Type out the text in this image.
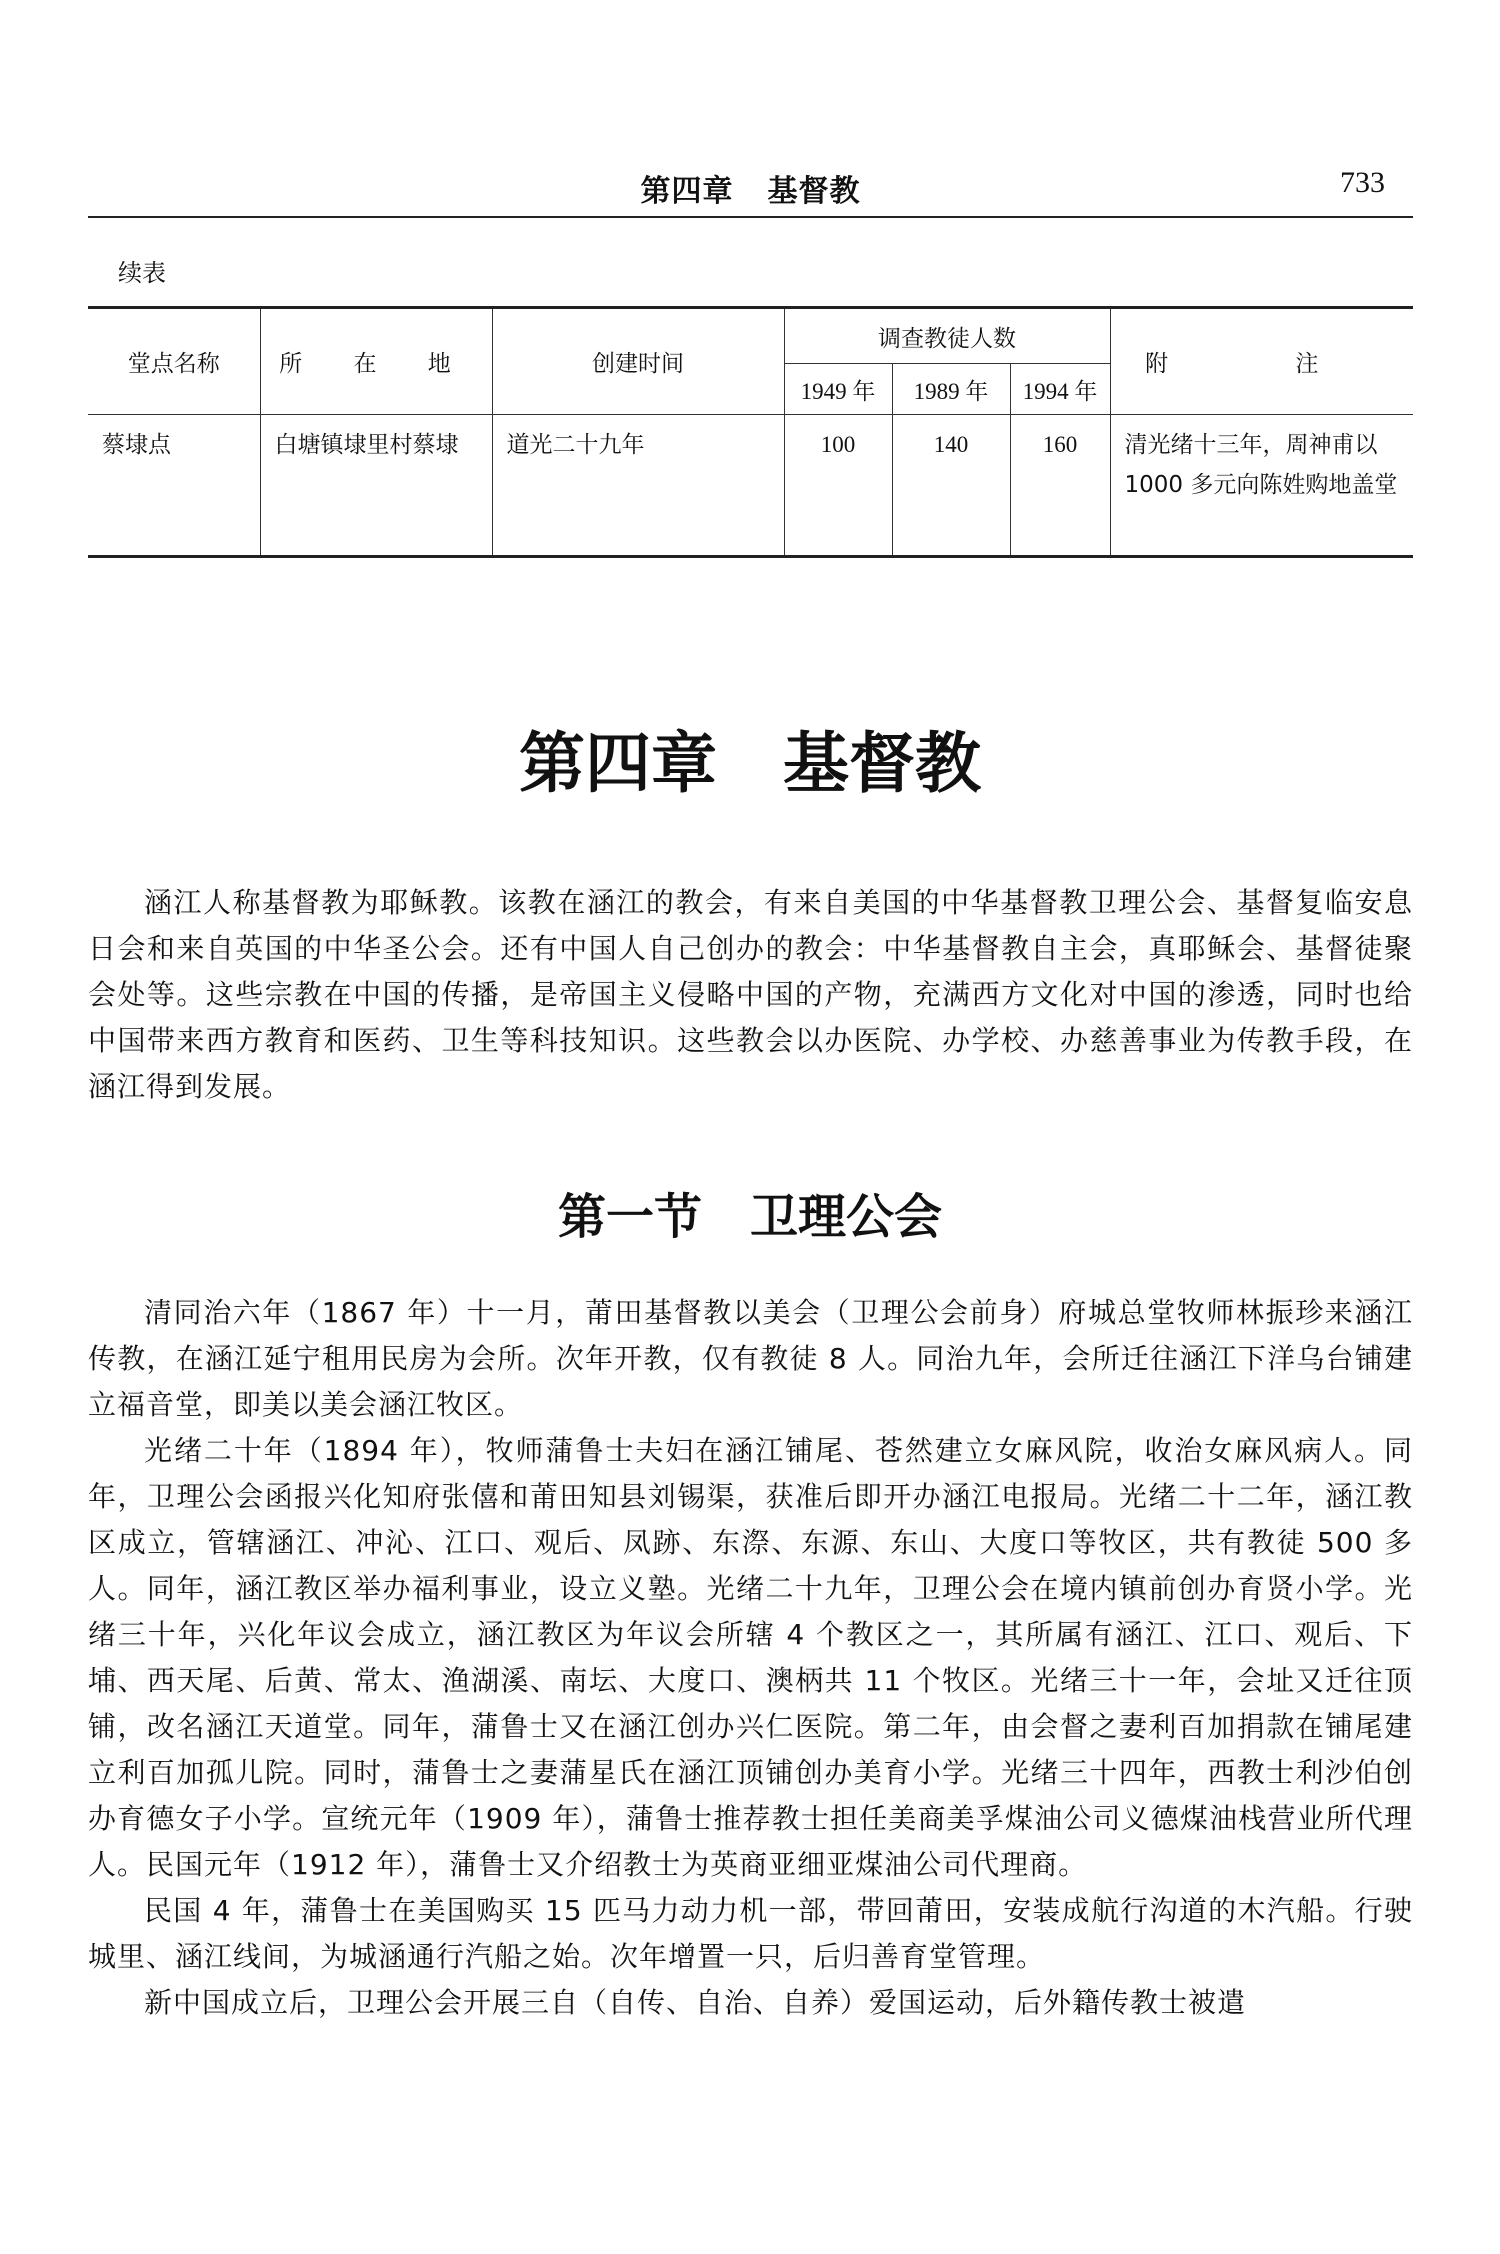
第四章 基督教	733
续表
堂点名称	所 在 地	创建时间	调查教徒人数			附 注
			1949 年	1989 年	1994 年	
蔡埭点	白塘镇埭里村蔡埭	道光二十九年	100	140	160	清光绪十三年，周神甫以 1000 多元向陈姓购地盖堂
第四章 基督教

涵江人称基督教为耶稣教。该教在涵江的教会，有来自美国的中华基督教卫理公会、基督复临安息日会和来自英国的中华圣公会。还有中国人自己创办的教会：中华基督教自主会，真耶稣会、基督徒聚会处等。这些宗教在中国的传播，是帝国主义侵略中国的产物，充满西方文化对中国的渗透，同时也给中国带来西方教育和医药、卫生等科技知识。这些教会以办医院、办学校、办慈善事业为传教手段，在涵江得到发展。

第一节 卫理公会

清同治六年（1867 年）十一月，莆田基督教以美会（卫理公会前身）府城总堂牧师林振珍来涵江传教，在涵江延宁租用民房为会所。次年开教，仅有教徒 8 人。同治九年，会所迁往涵江下洋乌台铺建立福音堂，即美以美会涵江牧区。

光绪二十年（1894 年），牧师蒲鲁士夫妇在涵江铺尾、苍然建立女麻风院，收治女麻风病人。同年，卫理公会函报兴化知府张僖和莆田知县刘锡渠，获准后即开办涵江电报局。光绪二十二年，涵江教区成立，管辖涵江、冲沁、江口、观后、凤跡、东漈、东源、东山、大度口等牧区，共有教徒 500 多人。同年，涵江教区举办福利事业，设立义塾。光绪二十九年，卫理公会在境内镇前创办育贤小学。光绪三十年，兴化年议会成立，涵江教区为年议会所辖 4 个教区之一，其所属有涵江、江口、观后、下埔、西天尾、后黄、常太、渔湖溪、南坛、大度口、澳柄共 11 个牧区。光绪三十一年，会址又迁往顶铺，改名涵江天道堂。同年，蒲鲁士又在涵江创办兴仁医院。第二年，由会督之妻利百加捐款在铺尾建立利百加孤儿院。同时，蒲鲁士之妻蒲星氏在涵江顶铺创办美育小学。光绪三十四年，西教士利沙伯创办育德女子小学。宣统元年（1909 年），蒲鲁士推荐教士担任美商美孚煤油公司义德煤油栈营业所代理人。民国元年（1912 年），蒲鲁士又介绍教士为英商亚细亚煤油公司代理商。

民国 4 年，蒲鲁士在美国购买 15 匹马力动力机一部，带回莆田，安装成航行沟道的木汽船。行驶城里、涵江线间，为城涵通行汽船之始。次年增置一只，后归善育堂管理。

新中国成立后，卫理公会开展三自（自传、自治、自养）爱国运动，后外籍传教士被遣
